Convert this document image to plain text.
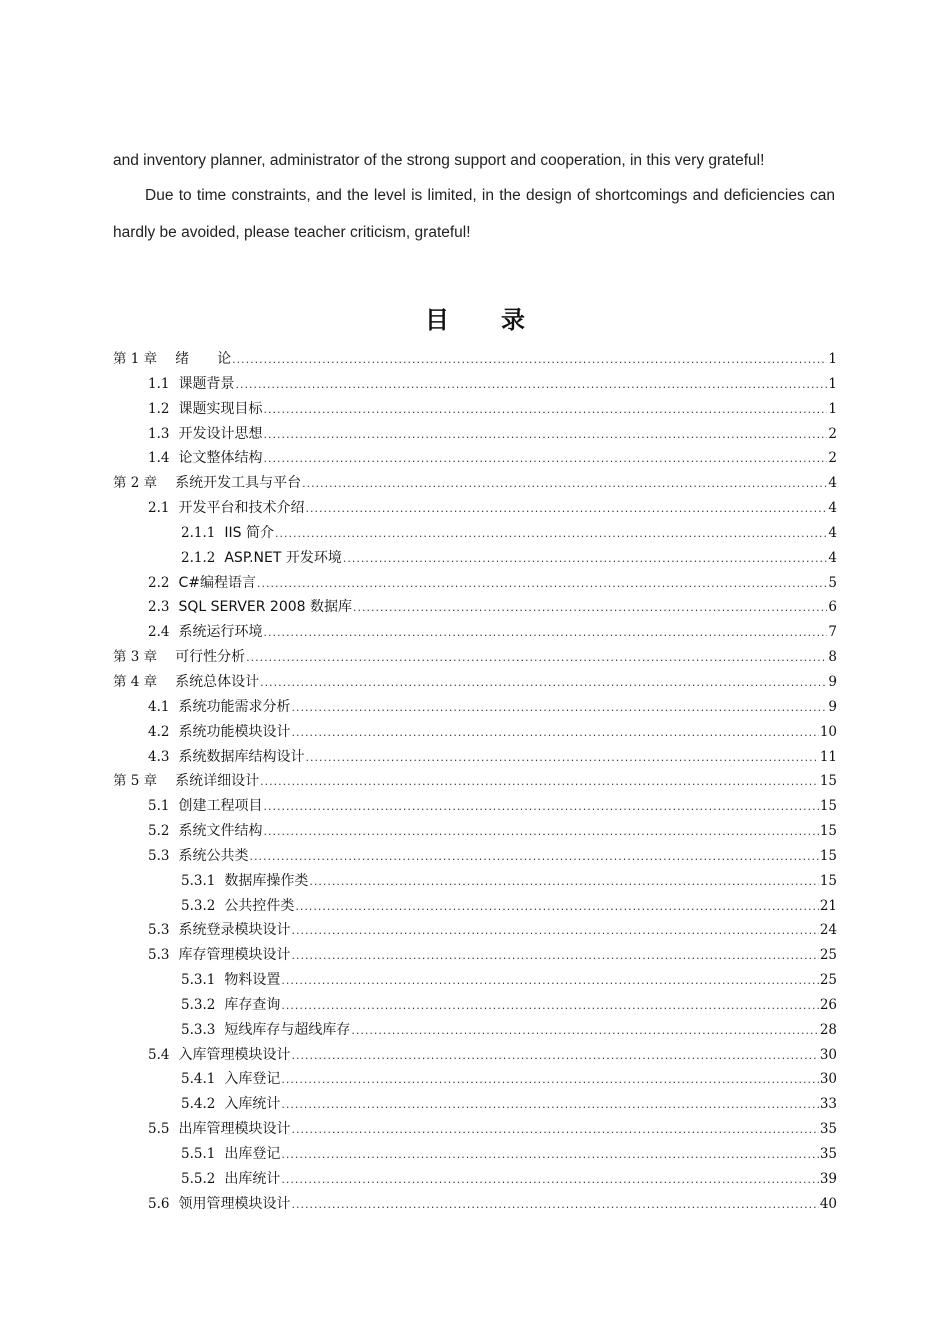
and inventory planner, administrator of the strong support and cooperation, in this very grateful!

Due to time constraints, and the level is limited, in the design of shortcomings and deficiencies can hardly be avoided, please teacher criticism, grateful!

目录
第 1 章 绪　　论 .....	1
1.1 课题背景 .....	1
1.2 课题实现目标 .....	1
1.3 开发设计思想 .....	2
1.4 论文整体结构 .....	2
第 2 章 系统开发工具与平台 .....	4
2.1 开发平台和技术介绍 .....	4
2.1.1 IIS 简介 .....	4
2.1.2 ASP.NET 开发环境 .....	4
2.2 C#编程语言 .....	5
2.3 SQL SERVER 2008 数据库 .....	6
2.4 系统运行环境 .....	7
第 3 章 可行性分析 .....	8
第 4 章 系统总体设计 .....	9
4.1 系统功能需求分析 .....	9
4.2 系统功能模块设计 .....	10
4.3 系统数据库结构设计 .....	11
第 5 章 系统详细设计 .....	15
5.1 创建工程项目 .....	15
5.2 系统文件结构 .....	15
5.3 系统公共类 .....	15
5.3.1 数据库操作类 .....	15
5.3.2 公共控件类 .....	21
5.3 系统登录模块设计 .....	24
5.3 库存管理模块设计 .....	25
5.3.1 物料设置 .....	25
5.3.2 库存查询 .....	26
5.3.3 短线库存与超线库存 .....	28
5.4 入库管理模块设计 .....	30
5.4.1 入库登记 .....	30
5.4.2 入库统计 .....	33
5.5 出库管理模块设计 .....	35
5.5.1 出库登记 .....	35
5.5.2 出库统计 .....	39
5.6 领用管理模块设计 .....	40
